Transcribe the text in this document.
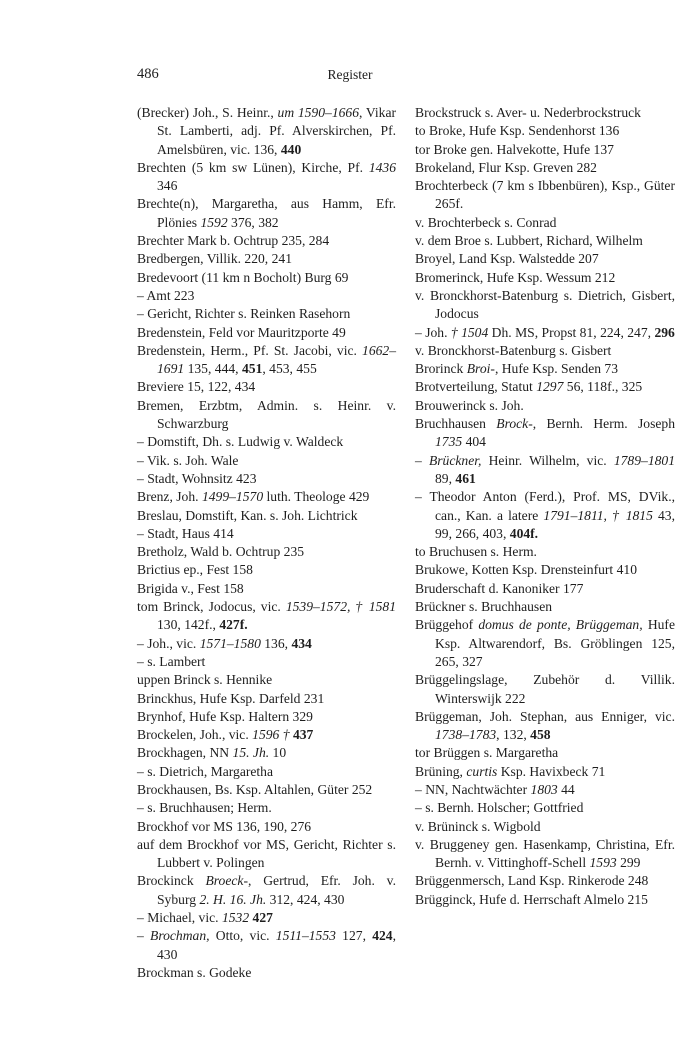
486	Register
(Brecker) Joh., S. Heinr., um 1590–1666, Vikar St. Lamberti, adj. Pf. Alverskirchen, Pf. Amelsbüren, vic. 136, 440
Brechten (5 km sw Lünen), Kirche, Pf. 1436 346
Brechte(n), Margaretha, aus Hamm, Efr. Plönies 1592 376, 382
Brechter Mark b. Ochtrup 235, 284
Bredbergen, Villik. 220, 241
Bredevoort (11 km n Bocholt) Burg 69
– Amt 223
– Gericht, Richter s. Reinken Rasehorn
Bredenstein, Feld vor Mauritzporte 49
Bredenstein, Herm., Pf. St. Jacobi, vic. 1662–1691 135, 444, 451, 453, 455
Breviere 15, 122, 434
Bremen, Erzbtm, Admin. s. Heinr. v. Schwarzburg
– Domstift, Dh. s. Ludwig v. Waldeck
– Vik. s. Joh. Wale
– Stadt, Wohnsitz 423
Brenz, Joh. 1499–1570 luth. Theologe 429
Breslau, Domstift, Kan. s. Joh. Lichtrick
– Stadt, Haus 414
Bretholz, Wald b. Ochtrup 235
Brictius ep., Fest 158
Brigida v., Fest 158
tom Brinck, Jodocus, vic. 1539–1572, † 1581 130, 142f., 427f.
– Joh., vic. 1571–1580 136, 434
– s. Lambert
uppen Brinck s. Hennike
Brinckhus, Hufe Ksp. Darfeld 231
Brynhof, Hufe Ksp. Haltern 329
Brockelen, Joh., vic. 1596 † 437
Brockhagen, NN 15. Jh. 10
– s. Dietrich, Margaretha
Brockhausen, Bs. Ksp. Altahlen, Güter 252
– s. Bruchhausen; Herm.
Brockhof vor MS 136, 190, 276
auf dem Brockhof vor MS, Gericht, Richter s. Lubbert v. Polingen
Brockinck Broeck-, Gertrud, Efr. Joh. v. Syburg 2. H. 16. Jh. 312, 424, 430
– Michael, vic. 1532 427
– Brochman, Otto, vic. 1511–1553 127, 424, 430
Brockman s. Godeke
Brockstruck s. Aver- u. Nederbrockstruck
to Broke, Hufe Ksp. Sendenhorst 136
tor Broke gen. Halvekotte, Hufe 137
Brokeland, Flur Ksp. Greven 282
Brochterbeck (7 km s Ibbenbüren), Ksp., Güter 265f.
v. Brochterbeck s. Conrad
v. dem Broe s. Lubbert, Richard, Wilhelm
Broyel, Land Ksp. Walstedde 207
Bromerinck, Hufe Ksp. Wessum 212
v. Bronckhorst-Batenburg s. Dietrich, Gisbert, Jodocus
– Joh. † 1504 Dh. MS, Propst 81, 224, 247, 296
v. Bronckhorst-Batenburg s. Gisbert
Brorinck Broi-, Hufe Ksp. Senden 73
Brotverteilung, Statut 1297 56, 118f., 325
Brouwerinck s. Joh.
Bruchhausen Brock-, Bernh. Herm. Joseph 1735 404
– Brückner, Heinr. Wilhelm, vic. 1789–1801 89, 461
– Theodor Anton (Ferd.), Prof. MS, DVik., can., Kan. a latere 1791–1811, † 1815 43, 99, 266, 403, 404f.
to Bruchusen s. Herm.
Brukowe, Kotten Ksp. Drensteinfurt 410
Bruderschaft d. Kanoniker 177
Brückner s. Bruchhausen
Brüggehof domus de ponte, Brüggeman, Hufe Ksp. Altwarendorf, Bs. Gröblingen 125, 265, 327
Brüggelingslage, Zubehör d. Villik. Winterswijk 222
Brüggeman, Joh. Stephan, aus Enniger, vic. 1738–1783, 132, 458
tor Brüggen s. Margaretha
Brüning, curtis Ksp. Havixbeck 71
– NN, Nachtwächter 1803 44
– s. Bernh. Holscher; Gottfried
v. Brüninck s. Wigbold
v. Bruggeney gen. Hasenkamp, Christina, Efr. Bernh. v. Vittinghoff-Schell 1593 299
Brüggenmersch, Land Ksp. Rinkerode 248
Brügginck, Hufe d. Herrschaft Almelo 215
